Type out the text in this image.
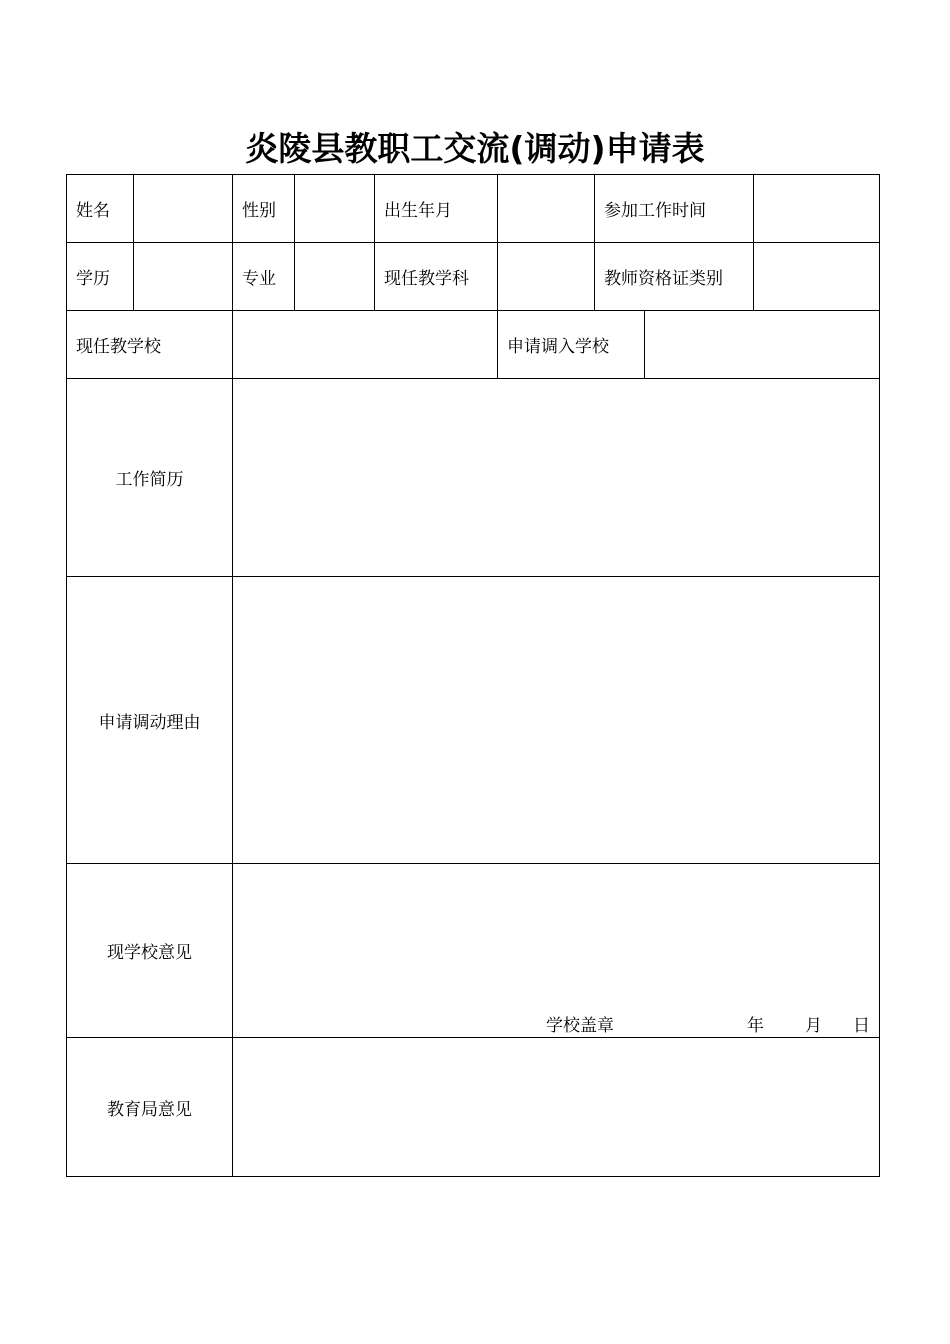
炎陵县教职工交流(调动)申请表
姓名		性别		出生年月		参加工作时间		
学历		专业		现任教学科		教师资格证类别		
现任教学校					申请调入学校			
工作简历								
申请调动理由								
现学校意见		学校盖章 年 月 日						

教育局意见								
